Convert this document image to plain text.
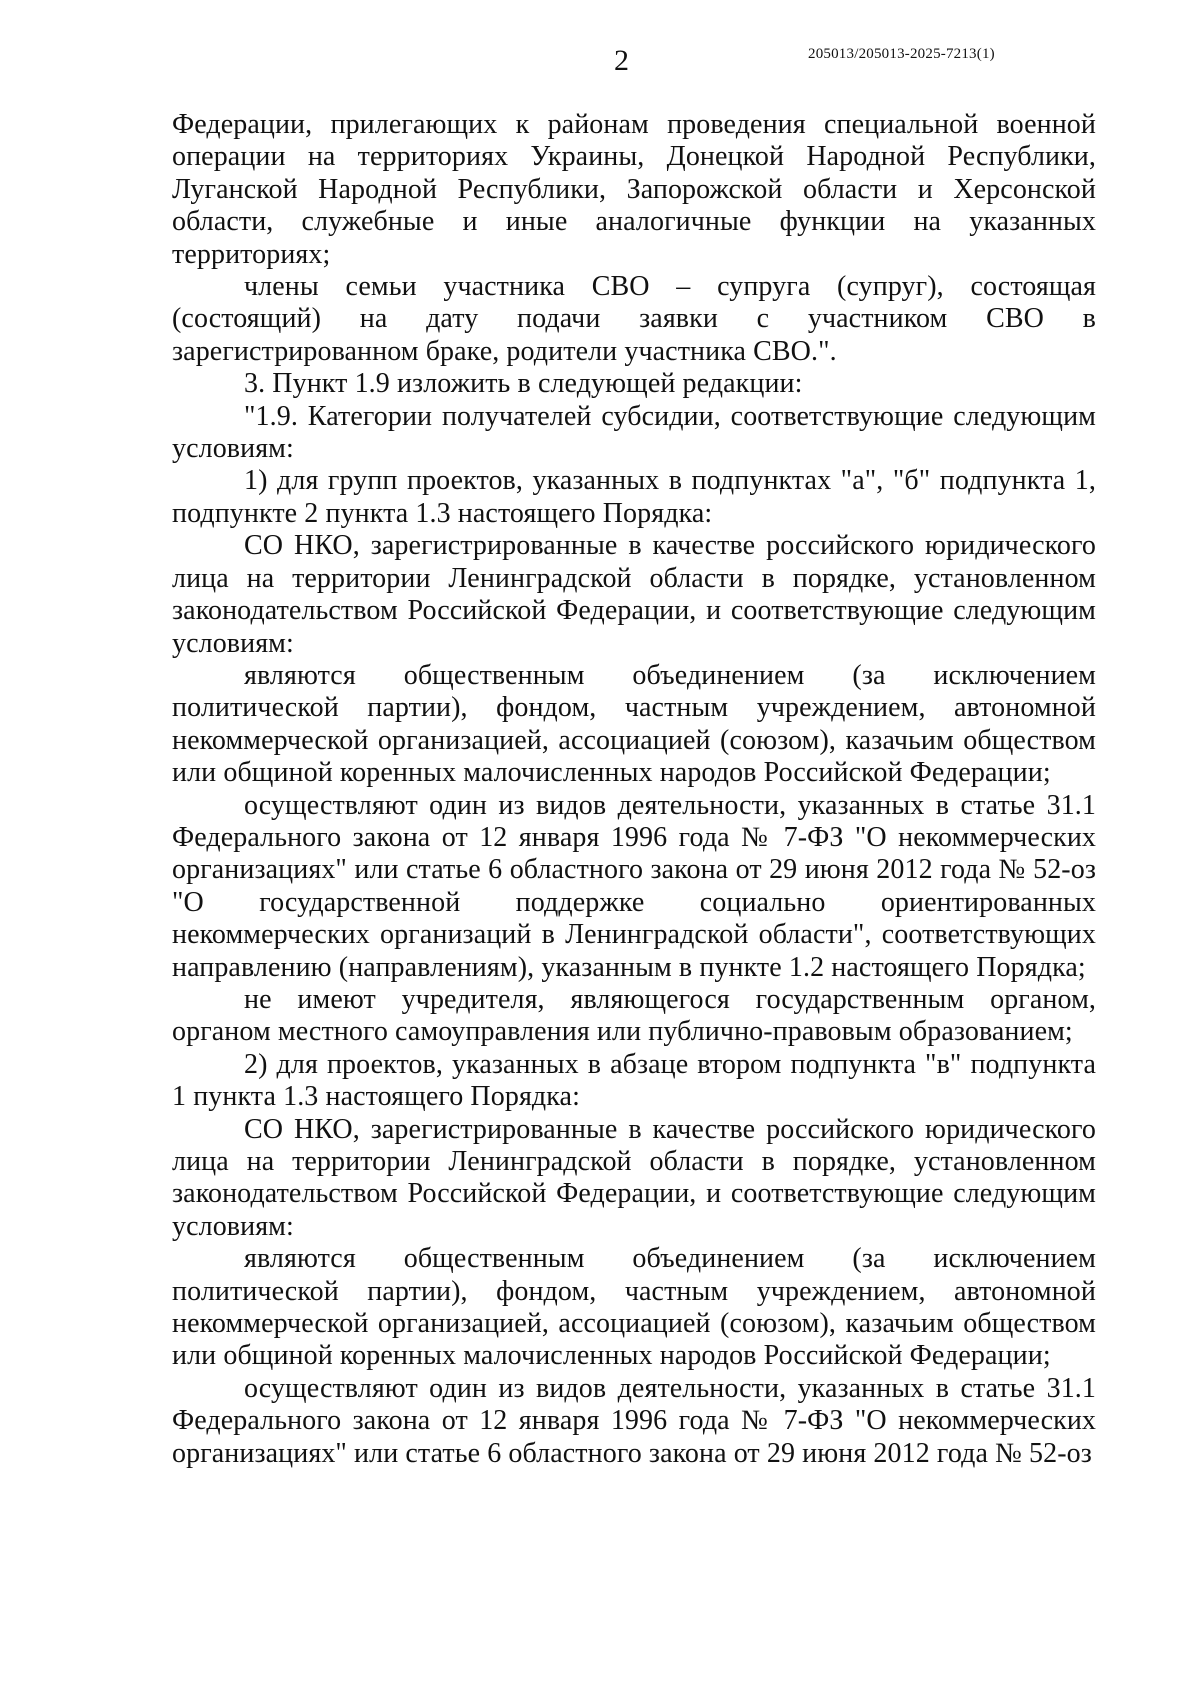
2	205013/205013-2025-7213(1)

Федерации, прилегающих к районам проведения специальной военной операции на территориях Украины, Донецкой Народной Республики, Луганской Народной Республики, Запорожской области и Херсонской области, служебные и иные аналогичные функции на указанных территориях;

члены семьи участника СВО – супруга (супруг), состоящая (состоящий) на дату подачи заявки с участником СВО в зарегистрированном браке, родители участника СВО.".

3. Пункт 1.9 изложить в следующей редакции:

"1.9. Категории получателей субсидии, соответствующие следующим условиям:

1) для групп проектов, указанных в подпунктах "а", "б" подпункта 1, подпункте 2 пункта 1.3 настоящего Порядка:

СО НКО, зарегистрированные в качестве российского юридического лица на территории Ленинградской области в порядке, установленном законодательством Российской Федерации, и соответствующие следующим условиям:

являются общественным объединением (за исключением политической партии), фондом, частным учреждением, автономной некоммерческой организацией, ассоциацией (союзом), казачьим обществом или общиной коренных малочисленных народов Российской Федерации;

осуществляют один из видов деятельности, указанных в статье 31.1 Федерального закона от 12 января 1996 года № 7-ФЗ "О некоммерческих организациях" или статье 6 областного закона от 29 июня 2012 года № 52-оз "О государственной поддержке социально ориентированных некоммерческих организаций в Ленинградской области", соответствующих направлению (направлениям), указанным в пункте 1.2 настоящего Порядка;

не имеют учредителя, являющегося государственным органом, органом местного самоуправления или публично-правовым образованием;

2) для проектов, указанных в абзаце втором подпункта "в" подпункта 1 пункта 1.3 настоящего Порядка:

СО НКО, зарегистрированные в качестве российского юридического лица на территории Ленинградской области в порядке, установленном законодательством Российской Федерации, и соответствующие следующим условиям:

являются общественным объединением (за исключением политической партии), фондом, частным учреждением, автономной некоммерческой организацией, ассоциацией (союзом), казачьим обществом или общиной коренных малочисленных народов Российской Федерации;

осуществляют один из видов деятельности, указанных в статье 31.1 Федерального закона от 12 января 1996 года № 7-ФЗ "О некоммерческих организациях" или статье 6 областного закона от 29 июня 2012 года № 52-оз
